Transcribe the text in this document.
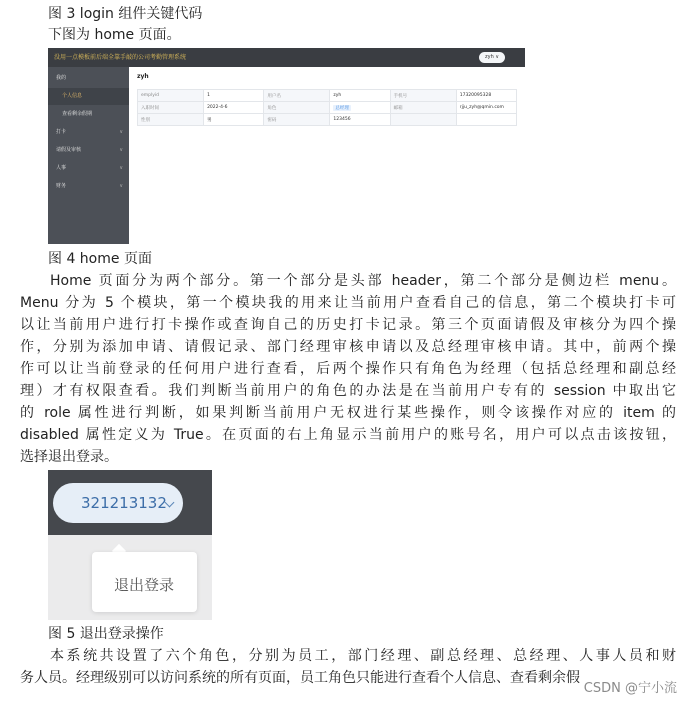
图 3 login 组件关键代码
下图为 home 页面。
没用一点模板前后端全靠手敲的公司考勤管理系统	zyh ∨
我的
个人信息
查看剩余假期
打卡	∨
请假及审核	∨
人事	∨
财务	∨
zyh
emplyid	1	用户名	zyh	手机号	17320095328
入职时间	2022-4-6	角色	总经理	邮箱	rjju_zyh@qmin.com
性别	男	密码	123456		
图 4 home 页面
Home 页面分为两个部分。第一个部分是头部 header，第二个部分是侧边栏 menu。
Menu 分为 5 个模块，第一个模块我的用来让当前用户查看自己的信息，第二个模块打卡可
以让当前用户进行打卡操作或查询自己的历史打卡记录。第三个页面请假及审核分为四个操
作，分别为添加申请、请假记录、部门经理审核申请以及总经理审核申请。其中，前两个操
作可以让当前登录的任何用户进行查看，后两个操作只有角色为经理（包括总经理和副总经
理）才有权限查看。我们判断当前用户的角色的办法是在当前用户专有的 session 中取出它
的 role 属性进行判断，如果判断当前用户无权进行某些操作，则令该操作对应的 item 的
disabled 属性定义为 True。在页面的右上角显示当前用户的账号名，用户可以点击该按钮，
选择退出登录。
321213132
退出登录
图 5 退出登录操作
本系统共设置了六个角色，分别为员工，部门经理、副总经理、总经理、人事人员和财
务人员。经理级别可以访问系统的所有页面，员工角色只能进行查看个人信息、查看剩余假
CSDN @宁小流
